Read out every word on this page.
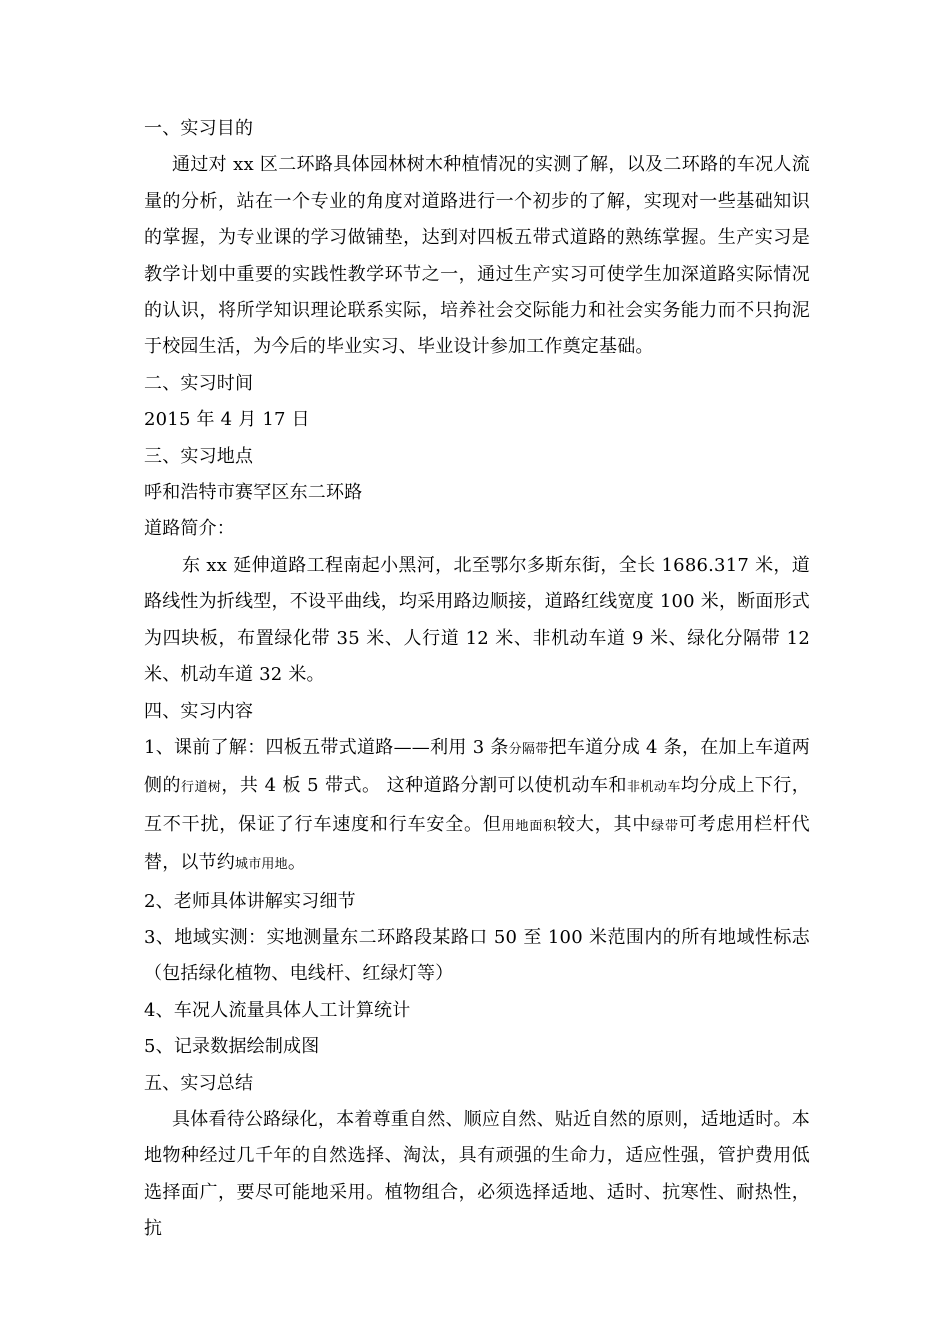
一、实习目的

通过对 xx 区二环路具体园林树木种植情况的实测了解，以及二环路的车况人流量的分析，站在一个专业的角度对道路进行一个初步的了解，实现对一些基础知识的掌握，为专业课的学习做铺垫，达到对四板五带式道路的熟练掌握。生产实习是教学计划中重要的实践性教学环节之一，通过生产实习可使学生加深道路实际情况的认识，将所学知识理论联系实际，培养社会交际能力和社会实务能力而不只拘泥于校园生活，为今后的毕业实习、毕业设计参加工作奠定基础。

二、实习时间

2015 年 4 月 17 日

三、实习地点

呼和浩特市赛罕区东二环路

道路简介：

东 xx 延伸道路工程南起小黑河，北至鄂尔多斯东街，全长 1686.317 米，道路线性为折线型，不设平曲线，均采用路边顺接，道路红线宽度 100 米，断面形式为四块板，布置绿化带 35 米、人行道 12 米、非机动车道 9 米、绿化分隔带 12 米、机动车道 32 米。

四、实习内容

1、课前了解：四板五带式道路——利用 3 条分隔带把车道分成 4 条，在加上车道两侧的行道树，共 4 板 5 带式。 这种道路分割可以使机动车和非机动车均分成上下行，互不干扰，保证了行车速度和行车安全。但用地面积较大，其中绿带可考虑用栏杆代替，以节约城市用地。

2、老师具体讲解实习细节

3、地域实测：实地测量东二环路段某路口 50 至 100 米范围内的所有地域性标志（包括绿化植物、电线杆、红绿灯等）

4、车况人流量具体人工计算统计

5、记录数据绘制成图

五、实习总结

具体看待公路绿化，本着尊重自然、顺应自然、贴近自然的原则，适地适时。本地物种经过几千年的自然选择、淘汰，具有顽强的生命力，适应性强，管护费用低选择面广，要尽可能地采用。植物组合，必须选择适地、适时、抗寒性、耐热性，抗
